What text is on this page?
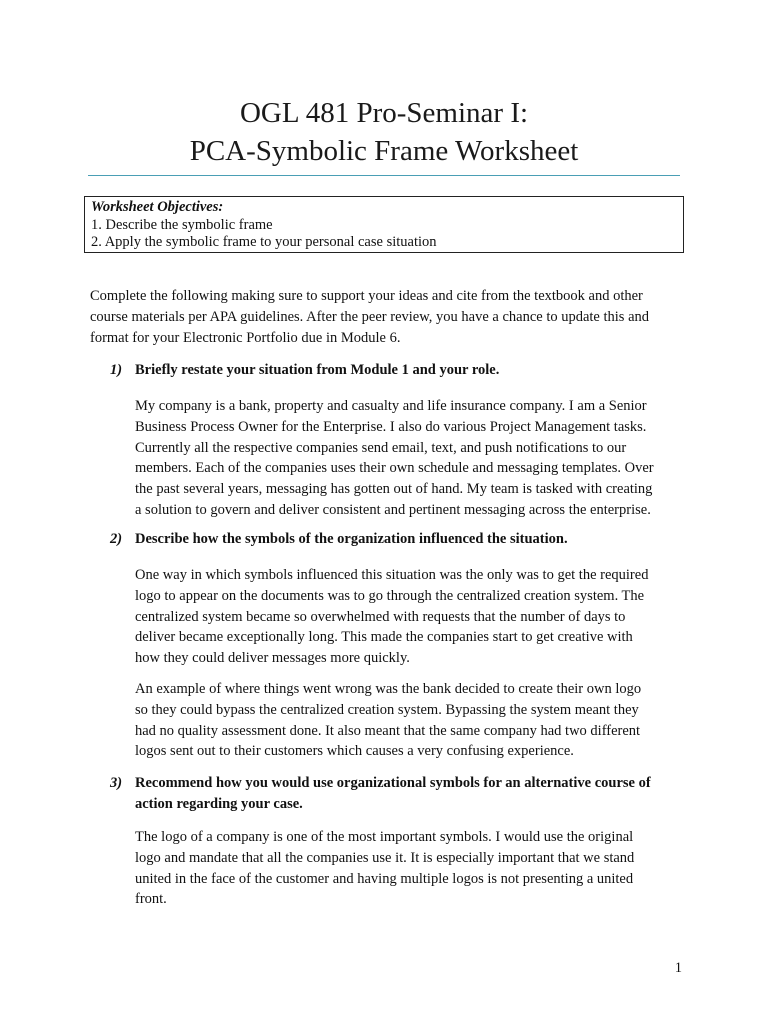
OGL 481 Pro-Seminar I:
PCA-Symbolic Frame Worksheet
Worksheet Objectives:
1. Describe the symbolic frame
2. Apply the symbolic frame to your personal case situation
Complete the following making sure to support your ideas and cite from the textbook and other
course materials per APA guidelines. After the peer review, you have a chance to update this and
format for your Electronic Portfolio due in Module 6.
1) Briefly restate your situation from Module 1 and your role.
My company is a bank, property and casualty and life insurance company. I am a Senior
Business Process Owner for the Enterprise. I also do various Project Management tasks.
Currently all the respective companies send email, text, and push notifications to our
members. Each of the companies uses their own schedule and messaging templates. Over
the past several years, messaging has gotten out of hand. My team is tasked with creating
a solution to govern and deliver consistent and pertinent messaging across the enterprise.
2) Describe how the symbols of the organization influenced the situation.
One way in which symbols influenced this situation was the only was to get the required
logo to appear on the documents was to go through the centralized creation system. The
centralized system became so overwhelmed with requests that the number of days to
deliver became exceptionally long. This made the companies start to get creative with
how they could deliver messages more quickly.
An example of where things went wrong was the bank decided to create their own logo
so they could bypass the centralized creation system. Bypassing the system meant they
had no quality assessment done. It also meant that the same company had two different
logos sent out to their customers which causes a very confusing experience.
3) Recommend how you would use organizational symbols for an alternative course of
action regarding your case.
The logo of a company is one of the most important symbols. I would use the original
logo and mandate that all the companies use it. It is especially important that we stand
united in the face of the customer and having multiple logos is not presenting a united
front.
1
